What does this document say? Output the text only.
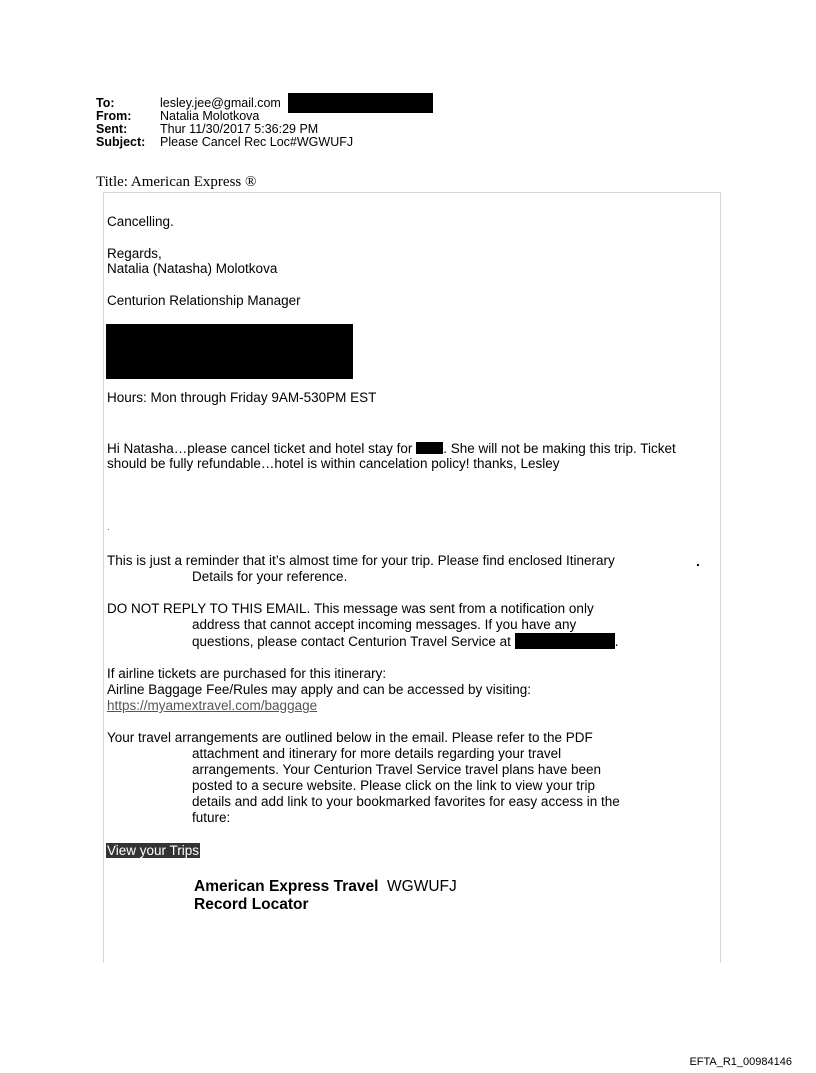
To:	lesley.jee@gmail.com
From: Natalia Molotkova
Sent:	Thur 11/30/2017 5:36:29 PM
Subject: Please Cancel Rec Loc#WGWUFJ
Title: American Express ®
Cancelling.
Regards,
Natalia (Natasha) Molotkova
Centurion Relationship Manager
Hours: Mon through Friday 9AM-530PM EST
Hi Natasha…please cancel ticket and hotel stay for . She will not be making this trip. Ticket
should be fully refundable…hotel is within cancelation policy! thanks, Lesley
.
This is just a reminder that it’s almost time for your trip. Please find enclosed Itinerary	.
Details for your reference.
DO NOT REPLY TO THIS EMAIL. This message was sent from a notification only
address that cannot accept incoming messages. If you have any
questions, please contact Centurion Travel Service at	.
If airline tickets are purchased for this itinerary:
Airline Baggage Fee/Rules may apply and can be accessed by visiting:
https://myamextravel.com/baggage
Your travel arrangements are outlined below in the email. Please refer to the PDF
attachment and itinerary for more details regarding your travel
arrangements. Your Centurion Travel Service travel plans have been
posted to a secure website. Please click on the link to view your trip
details and add link to your bookmarked favorites for easy access in the
future:
View your Trips
American Express Travel WGWUFJ
Record Locator
EFTA_R1_00984146
